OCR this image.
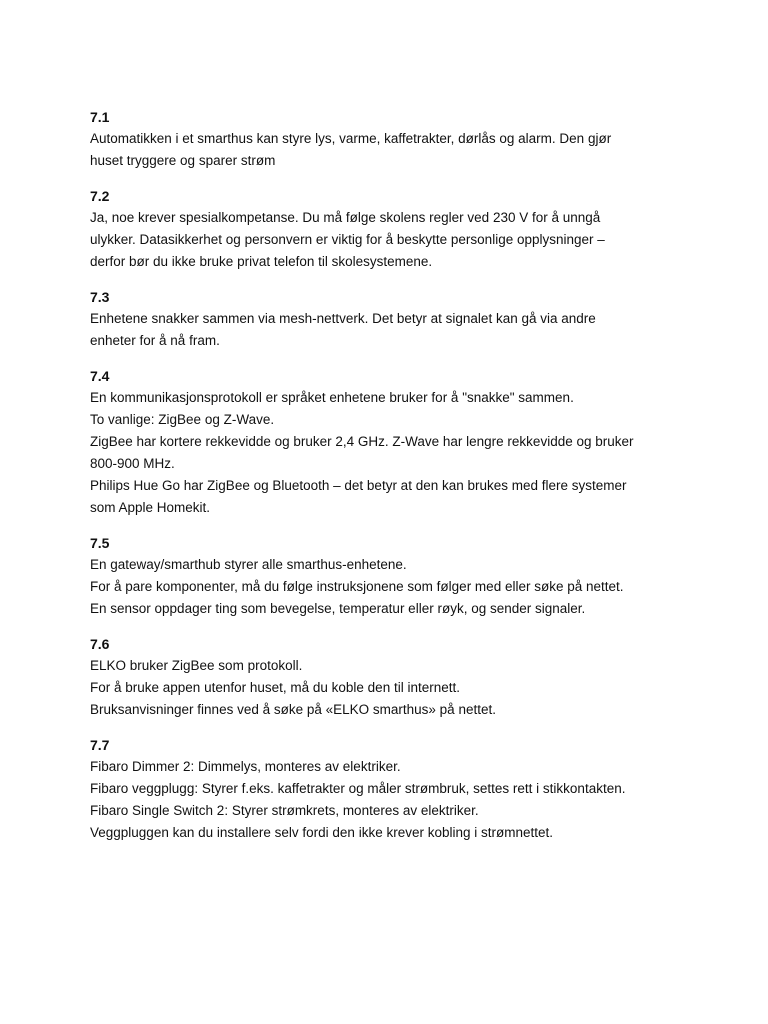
7.1
Automatikken i et smarthus kan styre lys, varme, kaffetrakter, dørlås og alarm. Den gjør
huset tryggere og sparer strøm
7.2
Ja, noe krever spesialkompetanse. Du må følge skolens regler ved 230 V for å unngå
ulykker. Datasikkerhet og personvern er viktig for å beskytte personlige opplysninger –
derfor bør du ikke bruke privat telefon til skolesystemene.
7.3
Enhetene snakker sammen via mesh-nettverk. Det betyr at signalet kan gå via andre
enheter for å nå fram.
7.4
En kommunikasjonsprotokoll er språket enhetene bruker for å "snakke" sammen.
To vanlige: ZigBee og Z-Wave.
ZigBee har kortere rekkevidde og bruker 2,4 GHz. Z-Wave har lengre rekkevidde og bruker
800-900 MHz.
Philips Hue Go har ZigBee og Bluetooth – det betyr at den kan brukes med flere systemer
som Apple Homekit.
7.5
En gateway/smarthub styrer alle smarthus-enhetene.
For å pare komponenter, må du følge instruksjonene som følger med eller søke på nettet.
En sensor oppdager ting som bevegelse, temperatur eller røyk, og sender signaler.
7.6
ELKO bruker ZigBee som protokoll.
For å bruke appen utenfor huset, må du koble den til internett.
Bruksanvisninger finnes ved å søke på «ELKO smarthus» på nettet.
7.7
Fibaro Dimmer 2: Dimmelys, monteres av elektriker.
Fibaro veggplugg: Styrer f.eks. kaffetrakter og måler strømbruk, settes rett i stikkontakten.
Fibaro Single Switch 2: Styrer strømkrets, monteres av elektriker.
Veggpluggen kan du installere selv fordi den ikke krever kobling i strømnettet.
